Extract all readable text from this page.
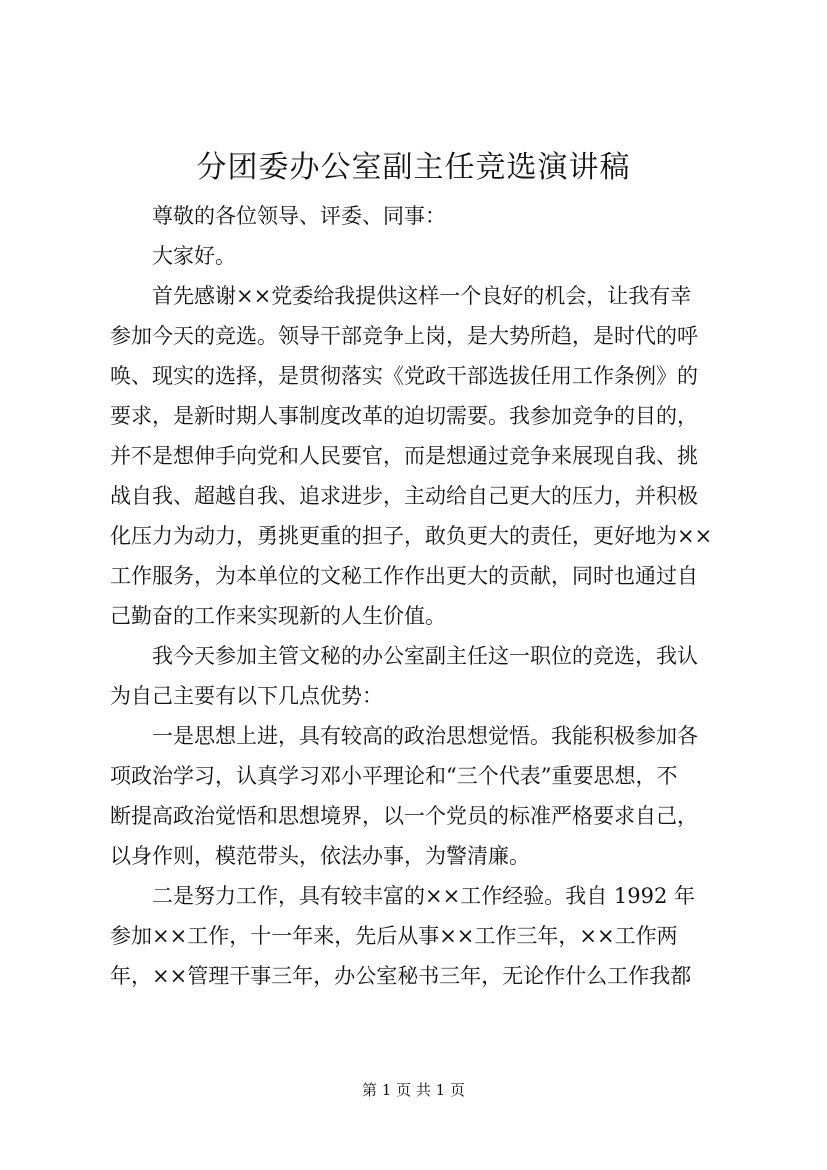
分团委办公室副主任竞选演讲稿
尊敬的各位领导、评委、同事：
大家好。
首先感谢××党委给我提供这样一个良好的机会，让我有幸
参加今天的竞选。领导干部竞争上岗，是大势所趋，是时代的呼
唤、现实的选择，是贯彻落实《党政干部选拔任用工作条例》的
要求，是新时期人事制度改革的迫切需要。我参加竞争的目的，
并不是想伸手向党和人民要官，而是想通过竞争来展现自我、挑
战自我、超越自我、追求进步，主动给自己更大的压力，并积极
化压力为动力，勇挑更重的担子，敢负更大的责任，更好地为××
工作服务，为本单位的文秘工作作出更大的贡献，同时也通过自
己勤奋的工作来实现新的人生价值。
我今天参加主管文秘的办公室副主任这一职位的竞选，我认
为自己主要有以下几点优势：
一是思想上进，具有较高的政治思想觉悟。我能积极参加各
项政治学习，认真学习邓小平理论和“三个代表”重要思想，不
断提高政治觉悟和思想境界，以一个党员的标准严格要求自己，
以身作则，模范带头，依法办事，为警清廉。
二是努力工作，具有较丰富的××工作经验。我自 1992 年
参加××工作，十一年来，先后从事××工作三年，××工作两
年，××管理干事三年，办公室秘书三年，无论作什么工作我都
第 1 页 共 1 页
